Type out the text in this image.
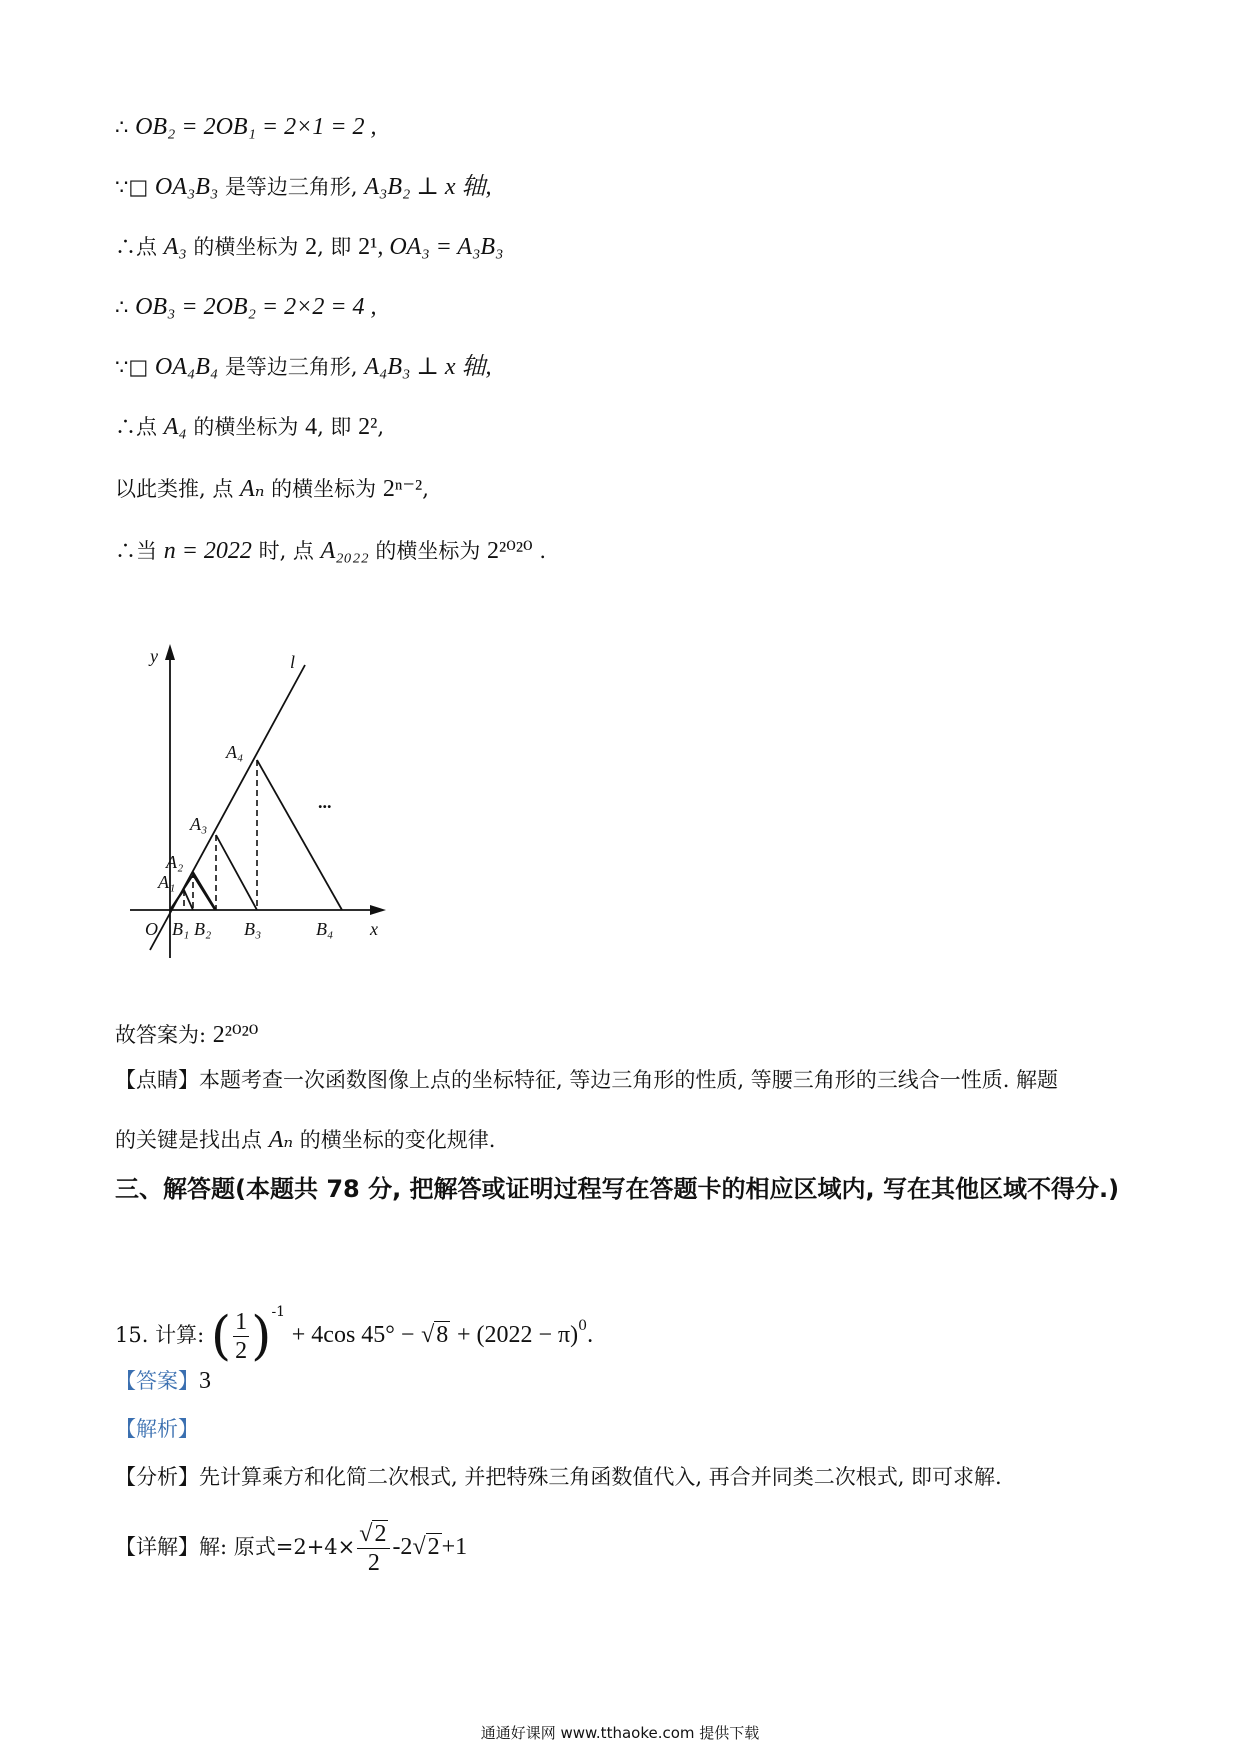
∴ OB₂ = 2OB₁ = 2×1 = 2 ,
∵□ OA₃B₃ 是等边三角形, A₃B₂ ⊥ x 轴,
∴点 A₃ 的横坐标为 2, 即 2¹, OA₃ = A₃B₃
∴ OB₃ = 2OB₂ = 2×2 = 4 ,
∵□ OA₄B₄ 是等边三角形, A₄B₃ ⊥ x 轴,
∴点 A₄ 的横坐标为 4, 即 2²,
以此类推, 点 Aₙ 的横坐标为 2ⁿ⁻²,
∴当 n = 2022 时, 点 A₂₀₂₂ 的横坐标为 2²⁰²⁰ .
y
x
l
O
A₁
A₂
A₃
A₄
B₁ B₂ B₃	B₄
...
故答案为: 2²⁰²⁰
【点睛】本题考查一次函数图像上点的坐标特征, 等边三角形的性质, 等腰三角形的三线合一性质. 解题
的关键是找出点 Aₙ 的横坐标的变化规律.
三、解答题(本题共 78 分, 把解答或证明过程写在答题卡的相应区域内, 写在其他区域不得分.)
15. 计算: ( $\frac{1}{2} )^{-1} + 4\cos$ $45^\circ - √8 + (2022 - \pi)^0$.
【答案】3
【解析】
【分析】先计算乘方和化简二次根式, 并把特殊三角函数值代入, 再合并同类二次根式, 即可求解.
【详解】解: 原式$=2+4\times \frac{√2}{2} -2√2+1$
通通好课网 www.tthaoke.com 提供下载
